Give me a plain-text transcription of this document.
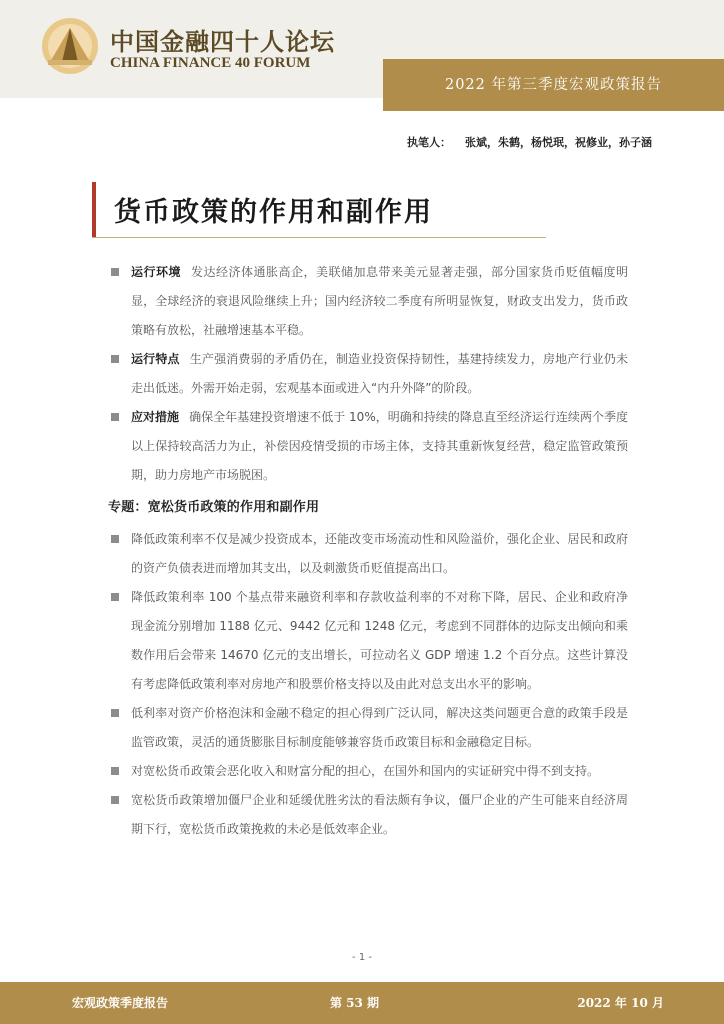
中国金融四十人论坛
CHINA FINANCE 40 FORUM
2022 年第三季度宏观政策报告
执笔人： 张斌，朱鹤，杨悦珉，祝修业，孙子涵
货币政策的作用和副作用
运行环境 发达经济体通胀高企，美联储加息带来美元显著走强，部分国家货币贬值幅度明显，全球经济的衰退风险继续上升；国内经济较二季度有所明显恢复，财政支出发力，货币政策略有放松，社融增速基本平稳。
运行特点 生产强消费弱的矛盾仍在，制造业投资保持韧性，基建持续发力，房地产行业仍未走出低迷。外需开始走弱，宏观基本面或进入“内升外降”的阶段。
应对措施 确保全年基建投资增速不低于 10%，明确和持续的降息直至经济运行连续两个季度以上保持较高活力为止，补偿因疫情受损的市场主体，支持其重新恢复经营，稳定监管政策预期，助力房地产市场脱困。
专题：宽松货币政策的作用和副作用
降低政策利率不仅是减少投资成本，还能改变市场流动性和风险溢价，强化企业、居民和政府的资产负债表进而增加其支出，以及刺激货币贬值提高出口。
降低政策利率 100 个基点带来融资利率和存款收益利率的不对称下降，居民、企业和政府净现金流分别增加 1188 亿元、9442 亿元和 1248 亿元，考虑到不同群体的边际支出倾向和乘数作用后会带来 14670 亿元的支出增长，可拉动名义 GDP 增速 1.2 个百分点。这些计算没有考虑降低政策利率对房地产和股票价格支持以及由此对总支出水平的影响。
低利率对资产价格泡沫和金融不稳定的担心得到广泛认同，解决这类问题更合意的政策手段是监管政策，灵活的通货膨胀目标制度能够兼容货币政策目标和金融稳定目标。
对宽松货币政策会恶化收入和财富分配的担心，在国外和国内的实证研究中得不到支持。
宽松货币政策增加僵尸企业和延缓优胜劣汰的看法颇有争议，僵尸企业的产生可能来自经济周期下行，宽松货币政策挽救的未必是低效率企业。
- 1 -
宏观政策季度报告	第 53 期	2022 年 10 月
